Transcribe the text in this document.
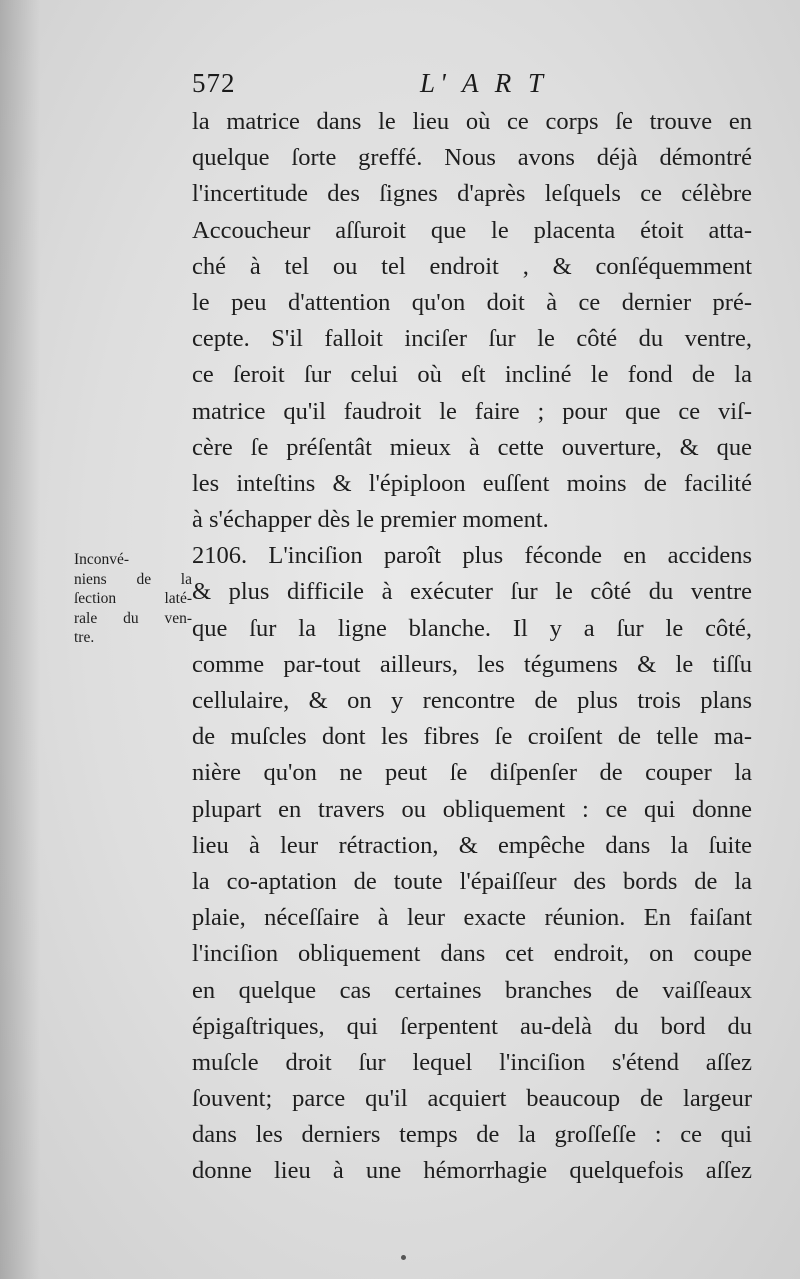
572	L' A R T
la matrice dans le lieu où ce corps ſe trouve en
quelque ſorte greffé. Nous avons déjà démontré
l'incertitude des ſignes d'après leſquels ce célèbre
Accoucheur aſſuroit que le placenta étoit atta-
ché à tel ou tel endroit , & conſéquemment
le peu d'attention qu'on doit à ce dernier pré-
cepte. S'il falloit inciſer ſur le côté du ventre,
ce ſeroit ſur celui où eſt incliné le fond de la
matrice qu'il faudroit le faire ; pour que ce viſ-
cère ſe préſentât mieux à cette ouverture, & que
les inteſtins & l'épiploon euſſent moins de facilité
à s'échapper dès le premier moment.
2106. L'inciſion paroît plus féconde en accidens
& plus difficile à exécuter ſur le côté du ventre
que ſur la ligne blanche. Il y a ſur le côté,
comme par-tout ailleurs, les tégumens & le tiſſu
cellulaire, & on y rencontre de plus trois plans
de muſcles dont les fibres ſe croiſent de telle ma-
nière qu'on ne peut ſe diſpenſer de couper la
plupart en travers ou obliquement : ce qui donne
lieu à leur rétraction, & empêche dans la ſuite
la co-aptation de toute l'épaiſſeur des bords de la
plaie, néceſſaire à leur exacte réunion. En faiſant
l'inciſion obliquement dans cet endroit, on coupe
en quelque cas certaines branches de vaiſſeaux
épigaſtriques, qui ſerpentent au-delà du bord du
muſcle droit ſur lequel l'inciſion s'étend aſſez
ſouvent; parce qu'il acquiert beaucoup de largeur
dans les derniers temps de la groſſeſſe : ce qui
donne lieu à une hémorrhagie quelquefois aſſez
Inconvé-
niens de la
ſection laté-
rale du ven-
tre.
